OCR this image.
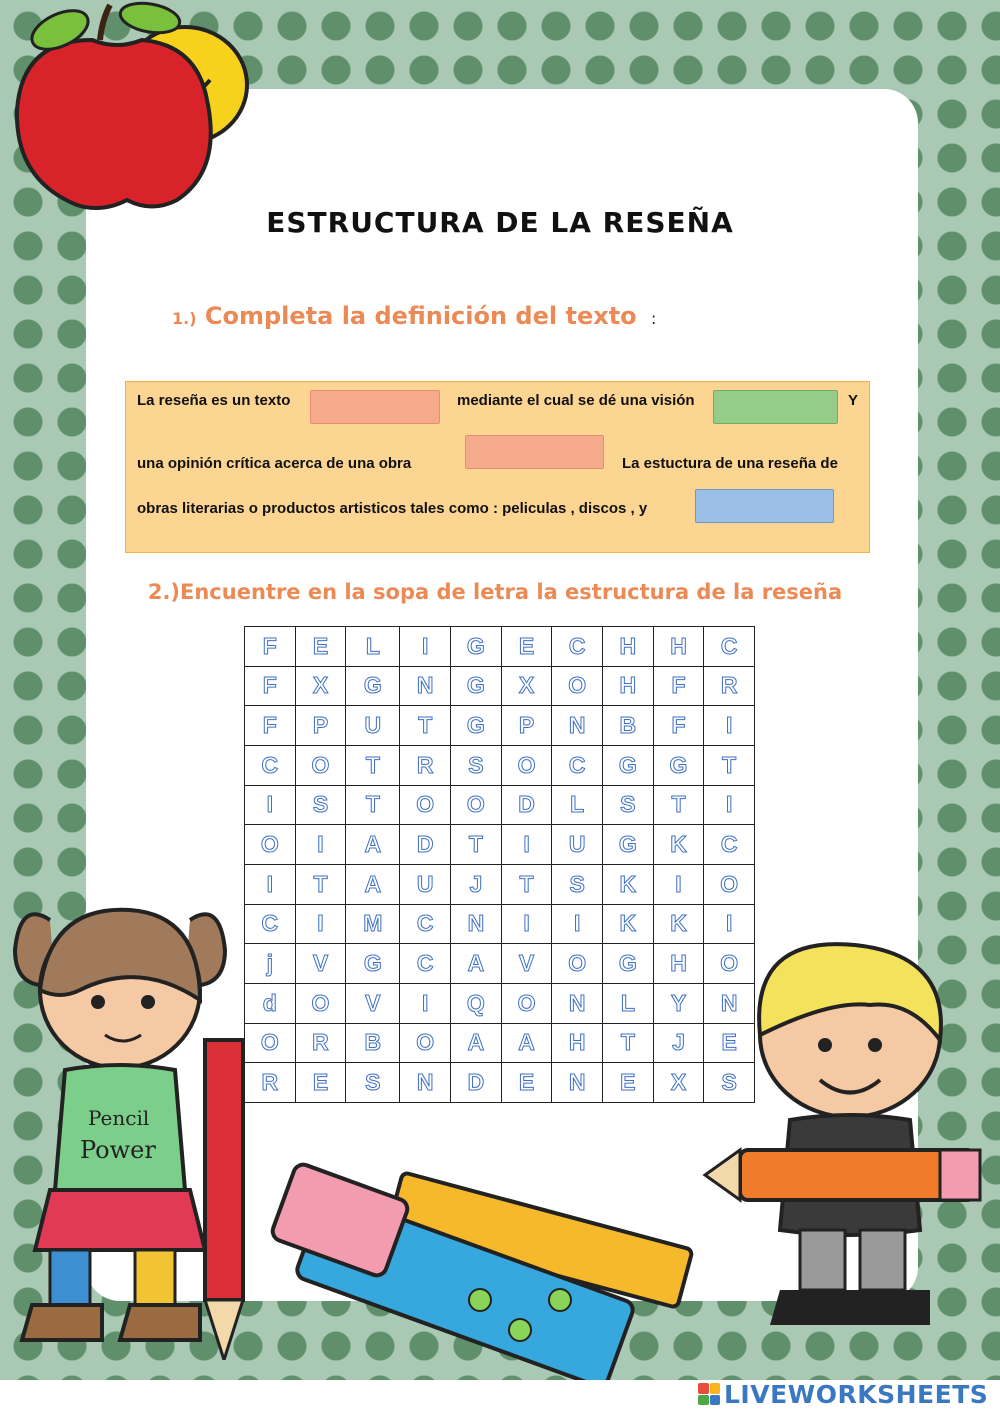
ESTRUCTURA DE LA RESEÑA
1.) Completa la definición del texto :
La reseña es un texto	mediante el cual se dé una visión	Y
una opinión crítica acerca de una obra	La estuctura de una reseña de
obras literarias o productos artisticos tales como : peliculas , discos , y
2.)Encuentre en la sopa de letra la estructura de la reseña
F	E	L	I	G	E	C	H	H	C
F	X	G	N	G	X	O	H	F	R
F	P	U	T	G	P	N	B	F	I
C	O	T	R	S	O	C	G	G	T
I	S	T	O	O	D	L	S	T	I
O	I	A	D	T	I	U	G	K	C
I	T	A	U	J	T	S	K	I	O
C	I	M	C	N	I	I	K	K	I
j	V	G	C	A	V	O	G	H	O
d	O	V	I	Q	O	N	L	Y	N
O	R	B	O	A	A	H	T	J	E
R	E	S	N	D	E	N	E	X	S
Pencil
Power
LIVEWORKSHEETS
